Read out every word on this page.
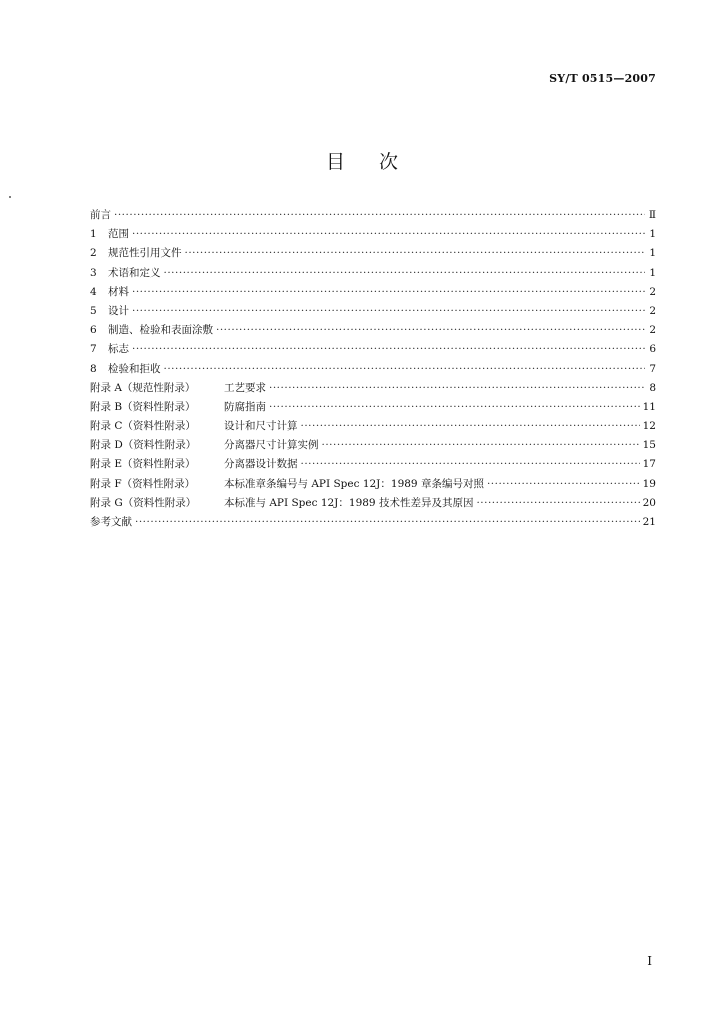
SY/T 0515—2007
目 次
前言 ·····	Ⅱ
1 范围 ·····	1
2 规范性引用文件 ·····	1
3 术语和定义 ·····	1
4 材料 ·····	2
5 设计 ·····	2
6 制造、检验和表面涂敷 ·····	2
7 标志 ·····	6
8 检验和拒收 ·····	7
附录 A（规范性附录）	工艺要求 ·····	8
附录 B（资料性附录）	防腐指南 ·····	11
附录 C（资料性附录）	设计和尺寸计算 ·····	12
附录 D（资料性附录）	分离器尺寸计算实例 ·····	15
附录 E（资料性附录）	分离器设计数据 ·····	17
附录 F（资料性附录）	本标准章条编号与 API Spec 12J：1989 章条编号对照 ·····	19
附录 G（资料性附录）	本标准与 API Spec 12J：1989 技术性差异及其原因 ·····	20
参考文献 ·····	21
I
